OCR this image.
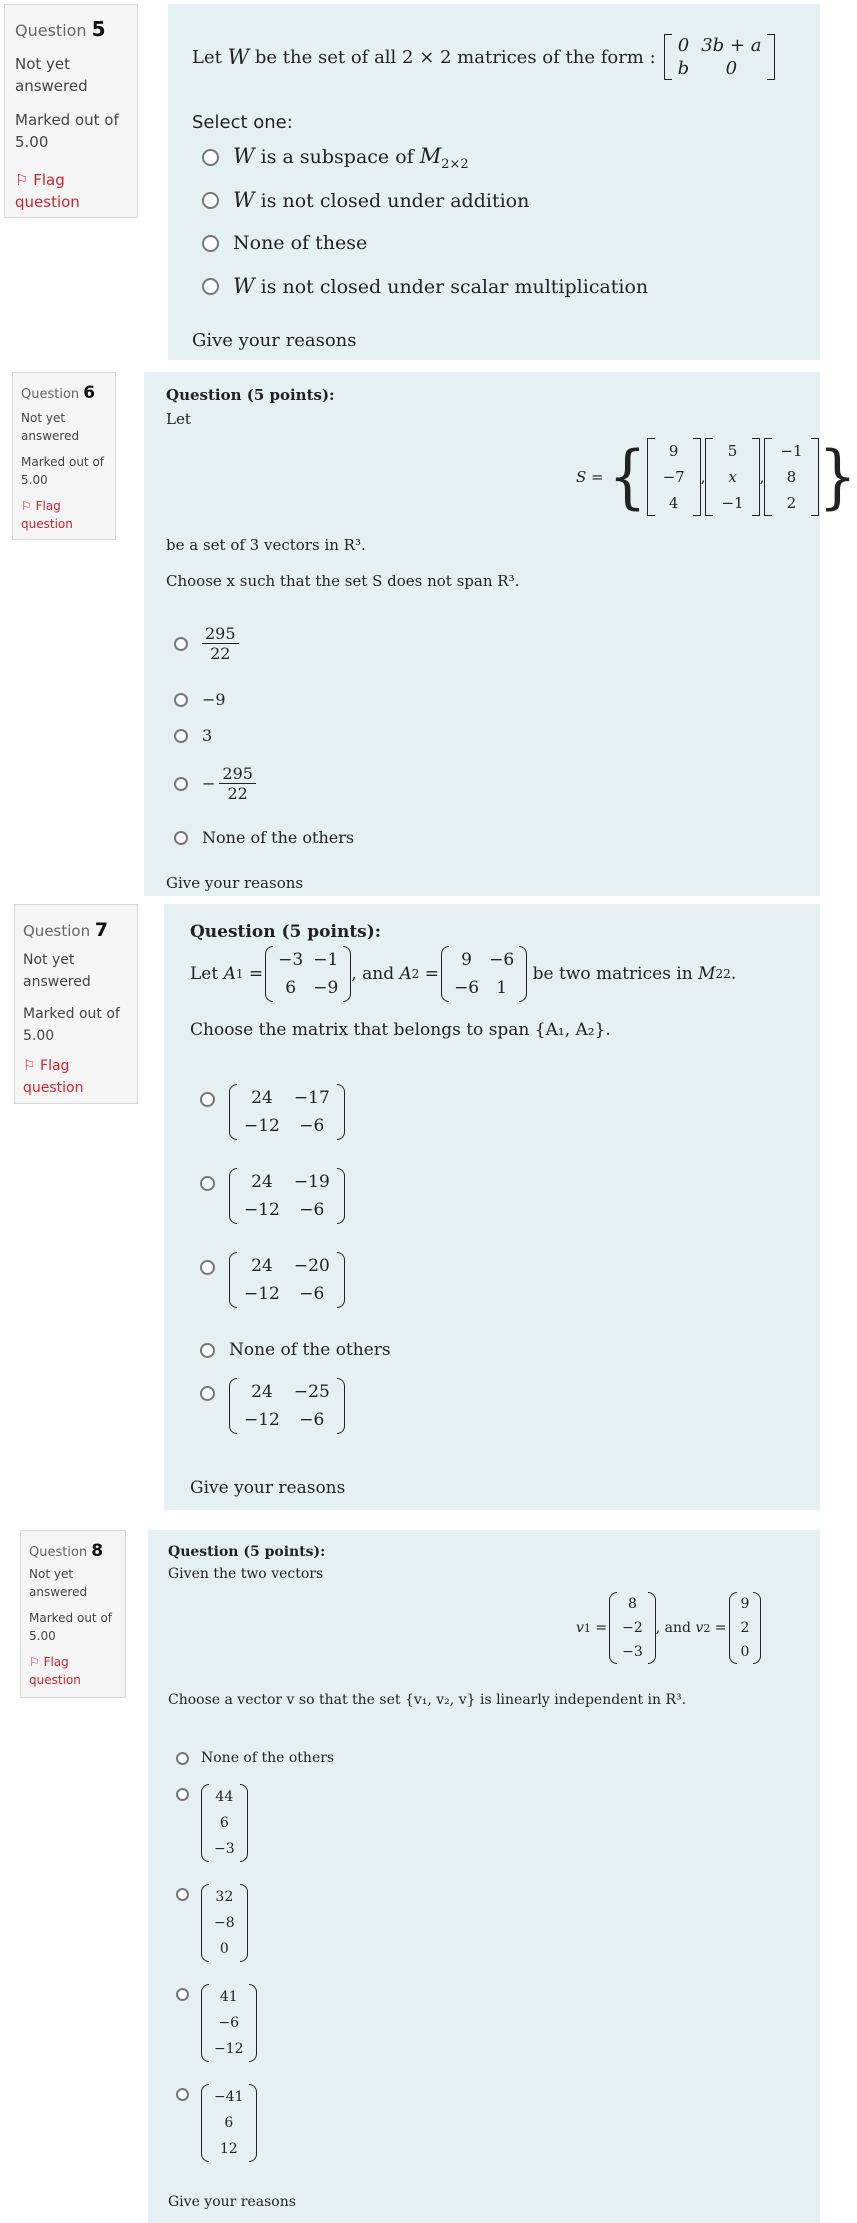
Question 5
Not yet answered
Marked out of 5.00
⚐ Flag question
Let
W
be the set of all 2 × 2 matrices of the form :
0	3b + a
b	0
Select one:
W is a subspace of $M_{2\times 2}$
W is not closed under addition
None of these
W is not closed under scalar multiplication
Give your reasons
Question 6
Not yet answered
Marked out of 5.00
⚐ Flag question
Question (5 points):
Let
S = { 9
−7
4
,
5
x
−1
,
−1
8
2 }
be a set of 3 vectors in R³.
Choose x such that the set S does not span R³.
$\frac{295}{22}$
−9
3
− $\frac{295}{22}$
None of the others
Give your reasons
Question 7
Not yet answered
Marked out of 5.00
⚐ Flag question
Question (5 points):
Let
A 1 =
−3	−1
6	−9
, and
A 2 =
9	−6
−6	1

be two matrices in
M 22 .
Choose the matrix that belongs to span {A₁, A₂}.
24	−17
−12	−6
24	−19
−12	−6
24	−20
−12	−6
None of the others
24	−25
−12	−6
Give your reasons
Question 8
Not yet answered
Marked out of 5.00
⚐ Flag question
Question (5 points):
Given the two vectors
v 1 =
8
−2
−3
, and
v 2 =
9
2
0
Choose a vector v so that the set {v₁, v₂, v} is linearly independent in R³.
None of the others
44
6
−3
32
−8
0
41
−6
−12
−41
6
12
Give your reasons
